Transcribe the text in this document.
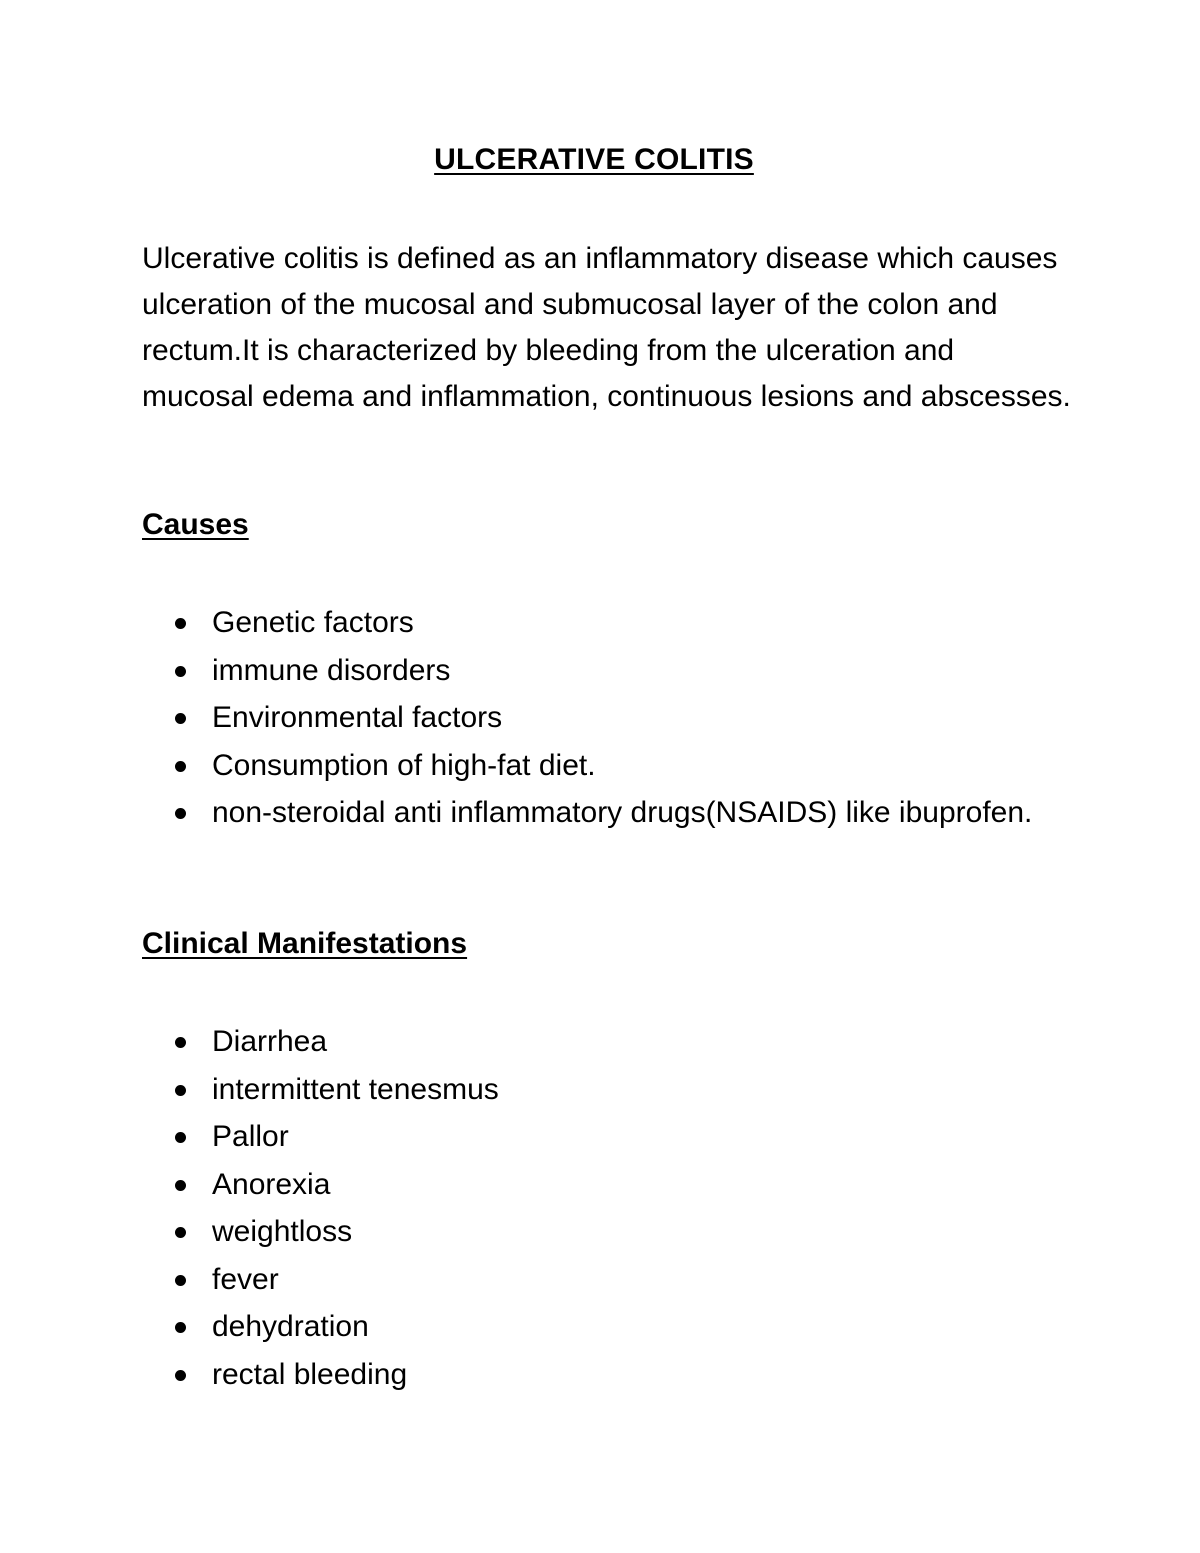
ULCERATIVE COLITIS

Ulcerative colitis is defined as an inflammatory disease which causes ulceration of the mucosal and submucosal layer of the colon and rectum.It is characterized by bleeding from the ulceration and mucosal edema and inflammation, continuous lesions and abscesses.

Causes
Genetic factors
immune disorders
Environmental factors
Consumption of high-fat diet.
non-steroidal anti inflammatory drugs(NSAIDS) like ibuprofen.
Clinical Manifestations
Diarrhea
intermittent tenesmus
Pallor
Anorexia
weightloss
fever
dehydration
rectal bleeding
